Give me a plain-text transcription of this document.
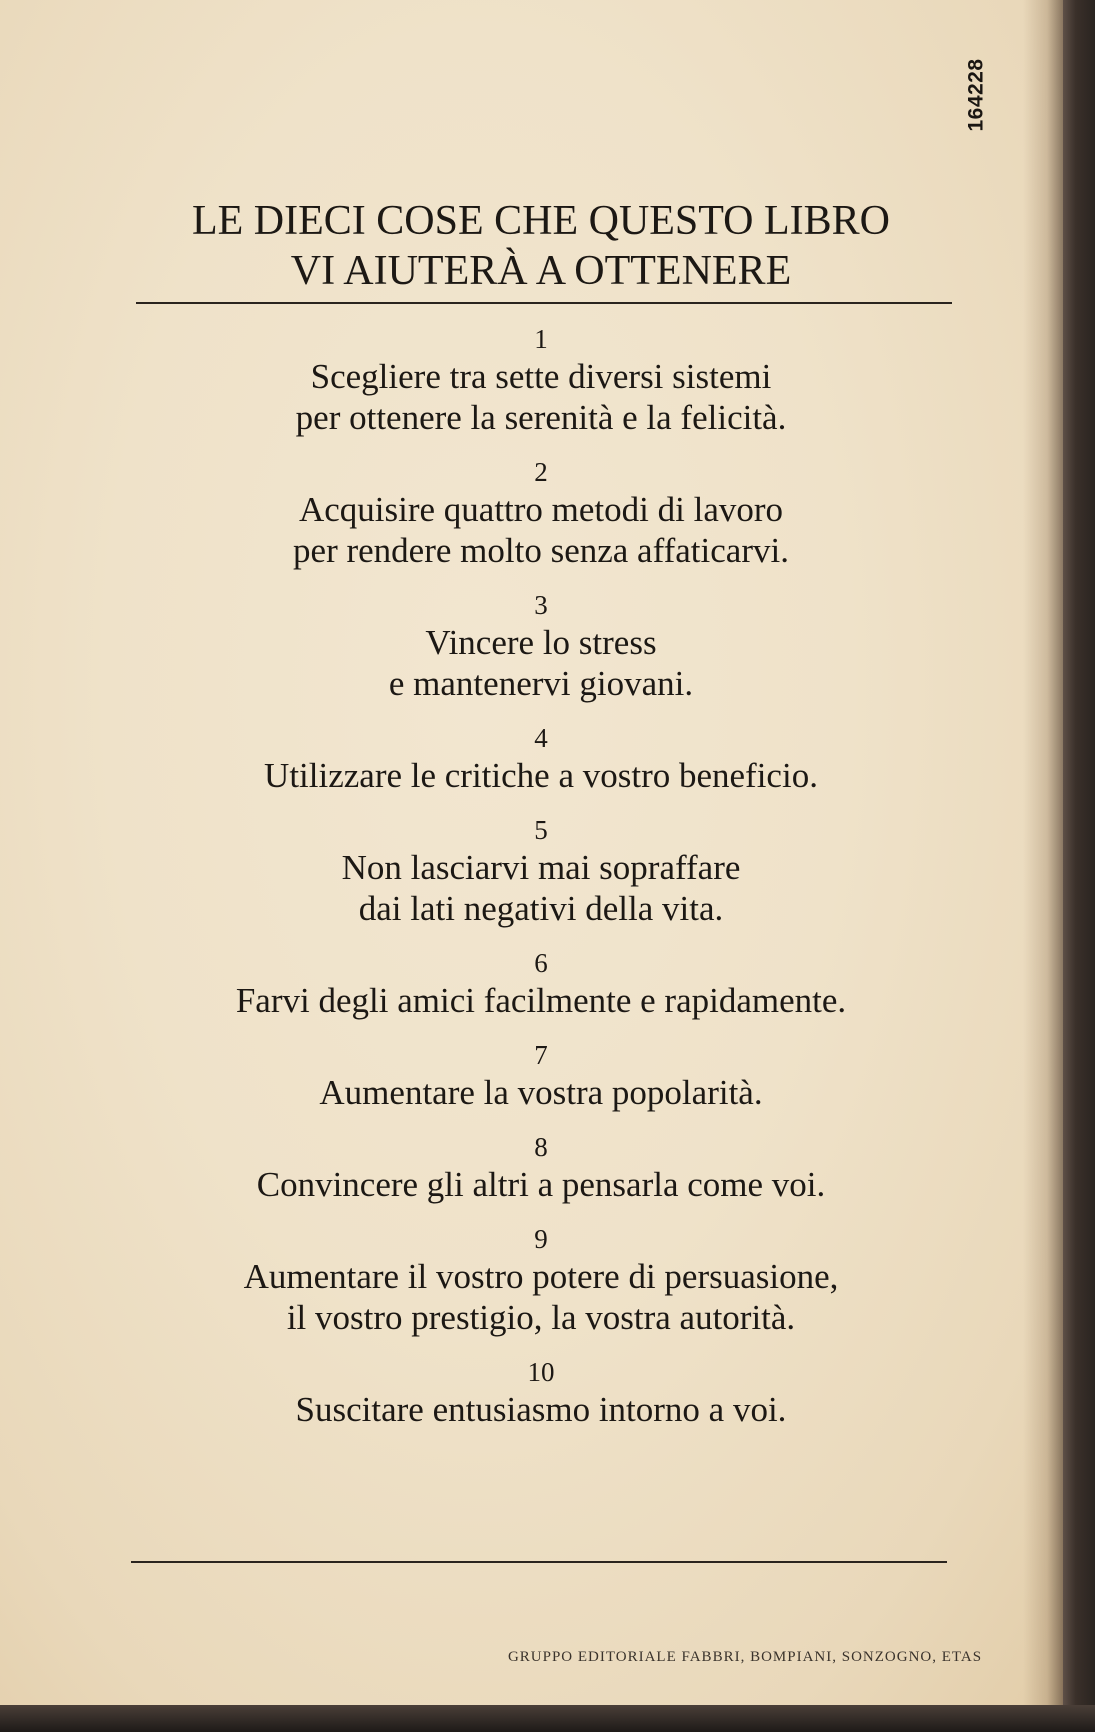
164228
LE DIECI COSE CHE QUESTO LIBRO
VI AIUTERÀ A OTTENERE
1
Scegliere tra sette diversi sistemi
per ottenere la serenità e la felicità.
2
Acquisire quattro metodi di lavoro
per rendere molto senza affaticarvi.
3
Vincere lo stress
e mantenervi giovani.
4
Utilizzare le critiche a vostro beneficio.
5
Non lasciarvi mai sopraffare
dai lati negativi della vita.
6
Farvi degli amici facilmente e rapidamente.
7
Aumentare la vostra popolarità.
8
Convincere gli altri a pensarla come voi.
9
Aumentare il vostro potere di persuasione,
il vostro prestigio, la vostra autorità.
10
Suscitare entusiasmo intorno a voi.
GRUPPO EDITORIALE FABBRI, BOMPIANI, SONZOGNO, ETAS
